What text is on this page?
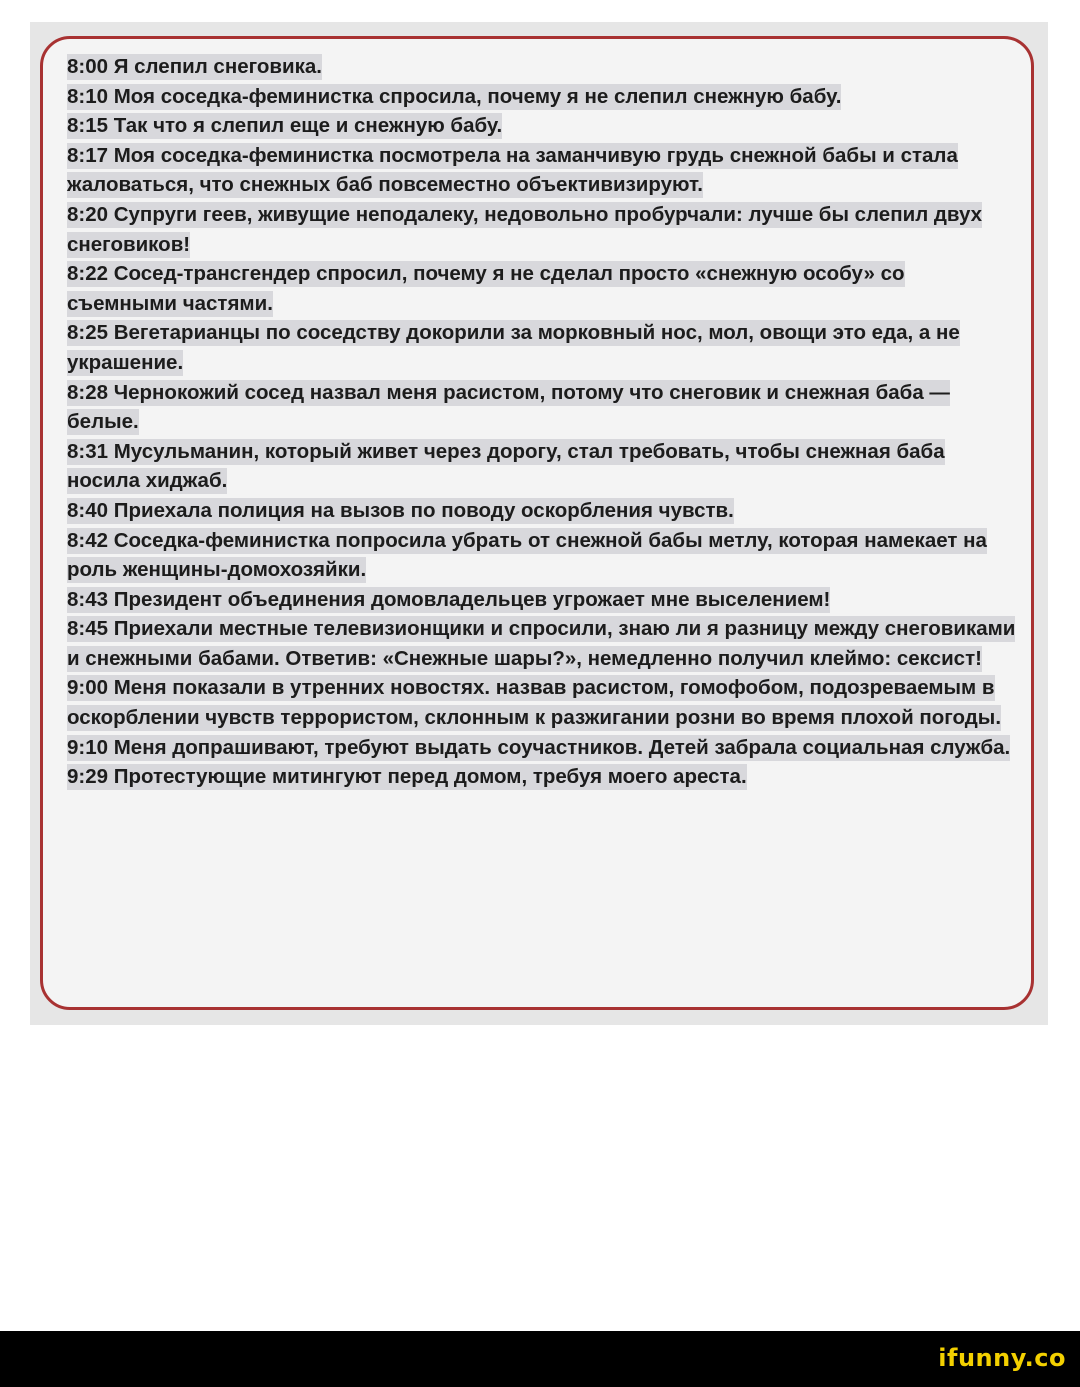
8:00 Я слепил снеговика.

8:10 Моя соседка-феминистка спросила, почему я не слепил снежную бабу.

8:15 Так что я слепил еще и снежную бабу.

8:17 Моя соседка-феминистка посмотрела на заманчивую грудь снежной бабы и стала жаловаться, что снежных баб повсеместно объективизируют.

8:20 Супруги геев, живущие неподалеку, недовольно пробурчали: лучше бы слепил двух снеговиков!

8:22 Сосед-трансгендер спросил, почему я не сделал просто «снежную особу» со съемными частями.

8:25 Вегетарианцы по соседству докорили за морковный нос, мол, овощи это еда, а не украшение.

8:28 Чернокожий сосед назвал меня расистом, потому что снеговик и снежная баба — белые.

8:31 Мусульманин, который живет через дорогу, стал требовать, чтобы снежная баба носила хиджаб.

8:40 Приехала полиция на вызов по поводу оскорбления чувств.

8:42 Соседка-феминистка попросила убрать от снежной бабы метлу, которая намекает на роль женщины-домохозяйки.

8:43 Президент объединения домовладельцев угрожает мне выселением!

8:45 Приехали местные телевизионщики и спросили, знаю ли я разницу между снеговиками и снежными бабами. Ответив: «Снежные шары?», немедленно получил клеймо: сексист!

9:00 Меня показали в утренних новостях. назвав расистом, гомофобом, подозреваемым в оскорблении чувств террористом, склонным к разжигании розни во время плохой погоды.

9:10 Меня допрашивают, требуют выдать соучастников. Детей забрала социальная служба.

9:29 Протестующие митингуют перед домом, требуя моего ареста.

ifunny.co
